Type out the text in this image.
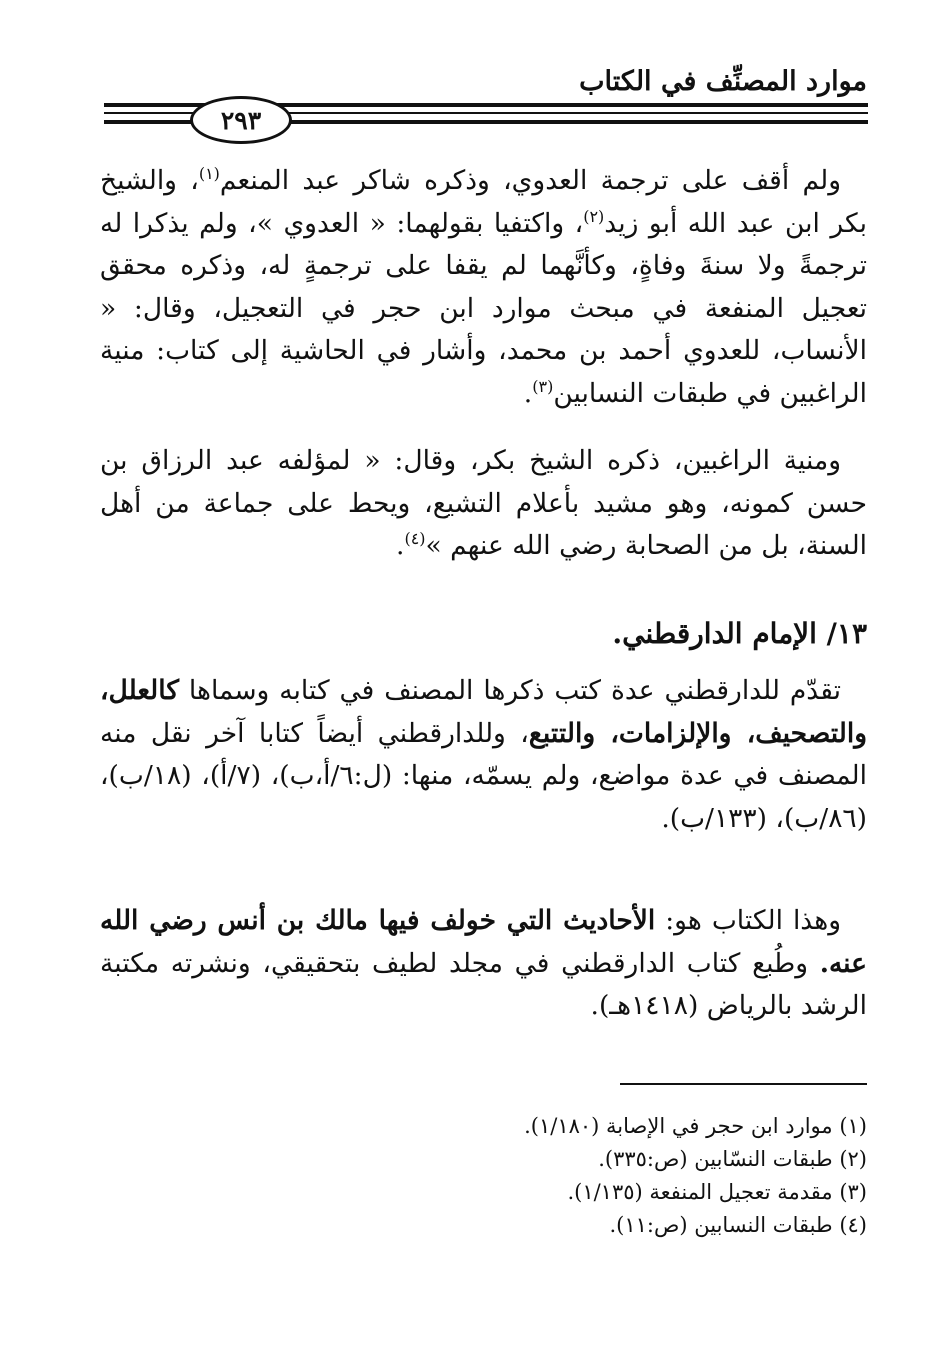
موارد المصنِّف في الكتاب
٢٩٣

ولم أقف على ترجمة العدوي، وذكره شاكر عبد المنعم$^{(١)}$، والشيخ بكر ابن عبد الله أبو زيد$^{(٢)}$، واكتفيا بقولهما: « العدوي »، ولم يذكرا له ترجمةً ولا سنةَ وفاةٍ، وكأنَّهما لم يقفا على ترجمةٍ له، وذكره محقق تعجيل المنفعة في مبحث موارد ابن حجر في التعجيل، وقال: « الأنساب، للعدوي أحمد بن محمد، وأشار في الحاشية إلى كتاب: منية الراغبين في طبقات النسابين$^{(٣)}$.

ومنية الراغبين، ذكره الشيخ بكر، وقال: « لمؤلفه عبد الرزاق بن حسن كمونه، وهو مشيد بأعلام التشيع، ويحط على جماعة من أهل السنة، بل من الصحابة رضي الله عنهم »$^{(٤)}$.

١٣/ الإمام الدارقطني.

تقدّم للدارقطني عدة كتب ذكرها المصنف في كتابه وسماها كالعلل، والتصحيف، والإلزامات، والتتبع، وللدارقطني أيضاً كتابا آخر نقل منه المصنف في عدة مواضع، ولم يسمّه، منها: (ل:٦/أ،ب)، (٧/أ)، (١٨/ب)، (٨٦/ب)، (١٣٣/ب).

وهذا الكتاب هو: الأحاديث التي خولف فيها مالك بن أنس رضي الله عنه. وطُبع كتاب الدارقطني في مجلد لطيف بتحقيقي، ونشرته مكتبة الرشد بالرياض (١٤١٨هـ).

(١) موارد ابن حجر في الإصابة (١/١٨٠).

(٢) طبقات النسّابين (ص:٣٣٥).

(٣) مقدمة تعجيل المنفعة (١/١٣٥).

(٤) طبقات النسابين (ص:١١).
